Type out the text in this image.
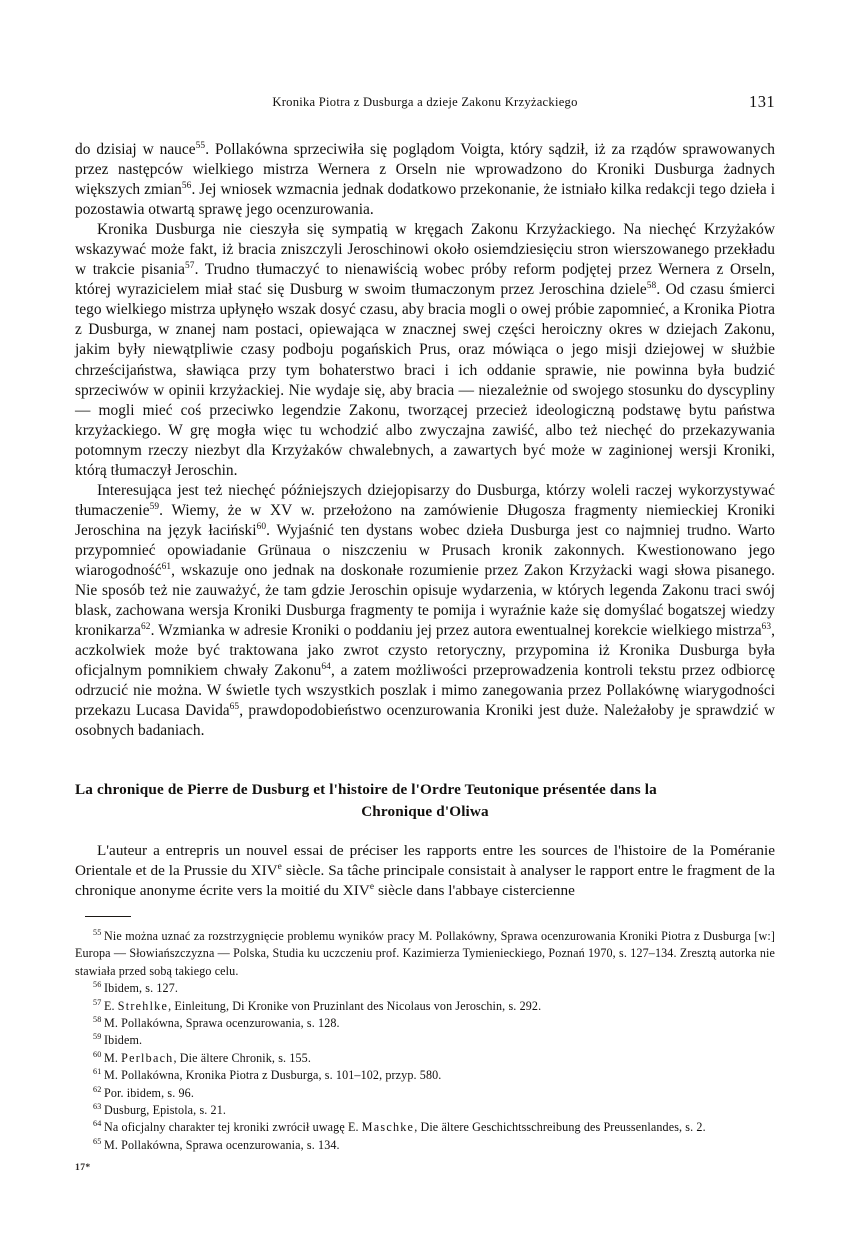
Kronika Piotra z Dusburga a dzieje Zakonu Krzyżackiego	131

do dzisiaj w nauce$^{55}$. Pollakówna sprzeciwiła się poglądom Voigta, który sądził, iż za rządów sprawowanych przez następców wielkiego mistrza Wernera z Orseln nie wprowadzono do Kroniki Dusburga żadnych większych zmian$^{56}$. Jej wniosek wzmacnia jednak dodatkowo przekonanie, że istniało kilka redakcji tego dzieła i pozostawia otwartą sprawę jego ocenzurowania.

Kronika Dusburga nie cieszyła się sympatią w kręgach Zakonu Krzyżackiego. Na niechęć Krzyżaków wskazywać może fakt, iż bracia zniszczyli Jeroschinowi około osiemdziesięciu stron wierszowanego przekładu w trakcie pisania$^{57}$. Trudno tłumaczyć to nienawiścią wobec próby reform podjętej przez Wernera z Orseln, której wyrazicielem miał stać się Dusburg w swoim tłumaczonym przez Jeroschina dziele$^{58}$. Od czasu śmierci tego wielkiego mistrza upłynęło wszak dosyć czasu, aby bracia mogli o owej próbie zapomnieć, a Kronika Piotra z Dusburga, w znanej nam postaci, opiewająca w znacznej swej części heroiczny okres w dziejach Zakonu, jakim były niewątpliwie czasy podboju pogańskich Prus, oraz mówiąca o jego misji dziejowej w służbie chrześcijaństwa, sławiąca przy tym bohaterstwo braci i ich oddanie sprawie, nie powinna była budzić sprzeciwów w opinii krzyżackiej. Nie wydaje się, aby bracia — niezależnie od swojego stosunku do dyscypliny — mogli mieć coś przeciwko legendzie Zakonu, tworzącej przecież ideologiczną podstawę bytu państwa krzyżackiego. W grę mogła więc tu wchodzić albo zwyczajna zawiść, albo też niechęć do przekazywania potomnym rzeczy niezbyt dla Krzyżaków chwalebnych, a zawartych być może w zaginionej wersji Kroniki, którą tłumaczył Jeroschin.

Interesująca jest też niechęć późniejszych dziejopisarzy do Dusburga, którzy woleli raczej wykorzystywać tłumaczenie$^{59}$. Wiemy, że w XV w. przełożono na zamówienie Długosza fragmenty niemieckiej Kroniki Jeroschina na język łaciński$^{60}$. Wyjaśnić ten dystans wobec dzieła Dusburga jest co najmniej trudno. Warto przypomnieć opowiadanie Grünaua o niszczeniu w Prusach kronik zakonnych. Kwestionowano jego wiarogodność$^{61}$, wskazuje ono jednak na doskonałe rozumienie przez Zakon Krzyżacki wagi słowa pisanego. Nie sposób też nie zauważyć, że tam gdzie Jeroschin opisuje wydarzenia, w których legenda Zakonu traci swój blask, zachowana wersja Kroniki Dusburga fragmenty te pomija i wyraźnie każe się domyślać bogatszej wiedzy kronikarza$^{62}$. Wzmianka w adresie Kroniki o poddaniu jej przez autora ewentualnej korekcie wielkiego mistrza$^{63}$, aczkolwiek może być traktowana jako zwrot czysto retoryczny, przypomina iż Kronika Dusburga była oficjalnym pomnikiem chwały Zakonu$^{64}$, a zatem możliwości przeprowadzenia kontroli tekstu przez odbiorcę odrzucić nie można. W świetle tych wszystkich poszlak i mimo zanegowania przez Pollakównę wiarygodności przekazu Lucasa Davida$^{65}$, prawdopodobieństwo ocenzurowania Kroniki jest duże. Należałoby je sprawdzić w osobnych badaniach.

La chronique de Pierre de Dusburg et l'histoire de l'Ordre Teutonique présentée dans la
Chronique d'Oliwa

L'auteur a entrepris un nouvel essai de préciser les rapports entre les sources de l'histoire de la Poméranie Orientale et de la Prussie du XIVe siècle. Sa tâche principale consistait à analyser le rapport entre le fragment de la chronique anonyme écrite vers la moitié du XIVe siècle dans l'abbaye cistercienne

$^{55}$ Nie można uznać za rozstrzygnięcie problemu wyników pracy M. Pollakówny, Sprawa ocenzurowania Kroniki Piotra z Dusburga [w:] Europa — Słowiańszczyzna — Polska, Studia ku uczczeniu prof. Kazimierza Tymienieckiego, Poznań 1970, s. 127–134. Zresztą autorka nie stawiała przed sobą takiego celu.

$^{56}$ Ibidem, s. 127.

$^{57}$ E. Strehlke, Einleitung, Di Kronike von Pruzinlant des Nicolaus von Jeroschin, s. 292.

$^{58}$ M. Pollakówna, Sprawa ocenzurowania, s. 128.

$^{59}$ Ibidem.

$^{60}$ M. Perlbach, Die ältere Chronik, s. 155.

$^{61}$ M. Pollakówna, Kronika Piotra z Dusburga, s. 101–102, przyp. 580.

$^{62}$ Por. ibidem, s. 96.

$^{63}$ Dusburg, Epistola, s. 21.

$^{64}$ Na oficjalny charakter tej kroniki zwrócił uwagę E. Maschke, Die ältere Geschichtsschreibung des Preussenlandes, s. 2.

$^{65}$ M. Pollakówna, Sprawa ocenzurowania, s. 134.

17*
